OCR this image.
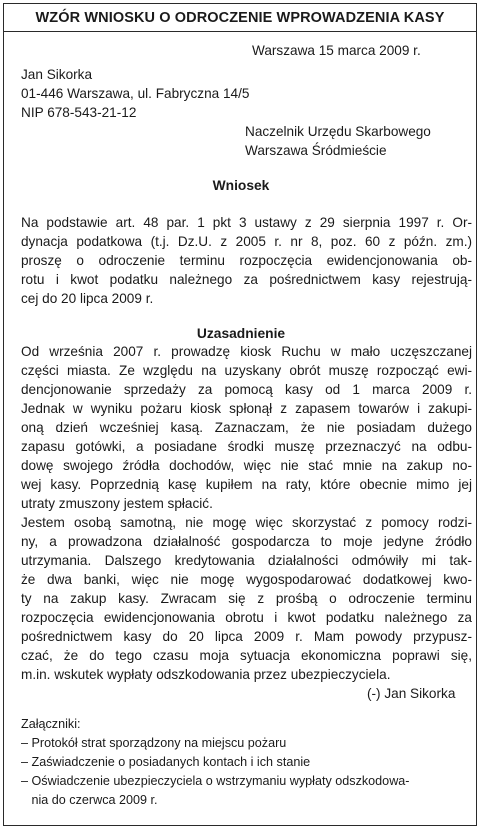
WZÓR WNIOSKU O ODROCZENIE WPROWADZENIA KASY
Warszawa 15 marca 2009 r.
Jan Sikorka
01-446 Warszawa, ul. Fabryczna 14/5
NIP 678-543-21-12
Naczelnik Urzędu Skarbowego
Warszawa Śródmieście
Wniosek
Na podstawie art. 48 par. 1 pkt 3 ustawy z 29 sierpnia 1997 r. Or-
dynacja podatkowa (t.j. Dz.U. z 2005 r. nr 8, poz. 60 z późn. zm.)
proszę o odroczenie terminu rozpoczęcia ewidencjonowania ob-
rotu i kwot podatku należnego za pośrednictwem kasy rejestrują-
cej do 20 lipca 2009 r.
Uzasadnienie
Od września 2007 r. prowadzę kiosk Ruchu w mało uczęszczanej
części miasta. Ze względu na uzyskany obrót muszę rozpocząć ewi-
dencjonowanie sprzedaży za pomocą kasy od 1 marca 2009 r.
Jednak w wyniku pożaru kiosk spłonął z zapasem towarów i zakupi-
oną dzień wcześniej kasą. Zaznaczam, że nie posiadam dużego
zapasu gotówki, a posiadane środki muszę przeznaczyć na odbu-
dowę swojego źródła dochodów, więc nie stać mnie na zakup no-
wej kasy. Poprzednią kasę kupiłem na raty, które obecnie mimo jej
utraty zmuszony jestem spłacić.
Jestem osobą samotną, nie mogę więc skorzystać z pomocy rodzi-
ny, a prowadzona działalność gospodarcza to moje jedyne źródło
utrzymania. Dalszego kredytowania działalności odmówiły mi tak-
że dwa banki, więc nie mogę wygospodarować dodatkowej kwo-
ty na zakup kasy. Zwracam się z prośbą o odroczenie terminu
rozpoczęcia ewidencjonowania obrotu i kwot podatku należnego za
pośrednictwem kasy do 20 lipca 2009 r. Mam powody przypusz-
czać, że do tego czasu moja sytuacja ekonomiczna poprawi się,
m.in. wskutek wypłaty odszkodowania przez ubezpieczyciela.
(-) Jan Sikorka
Załączniki:
– Protokół strat sporządzony na miejscu pożaru
– Zaświadczenie o posiadanych kontach i ich stanie
– Oświadczenie ubezpieczyciela o wstrzymaniu wypłaty odszkodowa-
nia do czerwca 2009 r.
